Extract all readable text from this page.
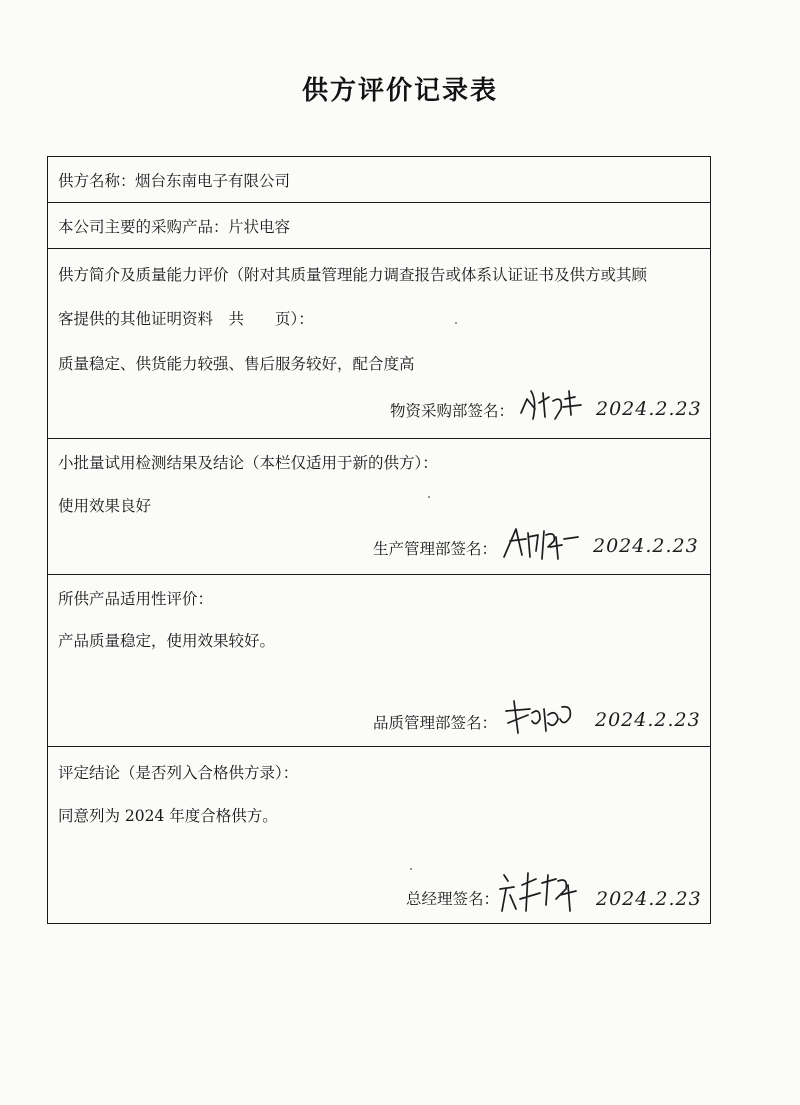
供方评价记录表
供方名称： 烟台东南电子有限公司
本公司主要的采购产品： 片状电容
供方简介及质量能力评价（附对其质量管理能力调查报告或体系认证证书及供方或其顾
客提供的其他证明资料　共　　页）：
质量稳定、供货能力较强、售后服务较好，配合度高
物资采购部签名：	2024.2.23
小批量试用检测结果及结论（本栏仅适用于新的供方）：
使用效果良好
生产管理部签名：	2024.2.23
所供产品适用性评价：
产品质量稳定，使用效果较好。
品质管理部签名：	2024.2.23
评定结论（是否列入合格供方录）：
同意列为 2024 年度合格供方。
总经理签名：	2024.2.23
